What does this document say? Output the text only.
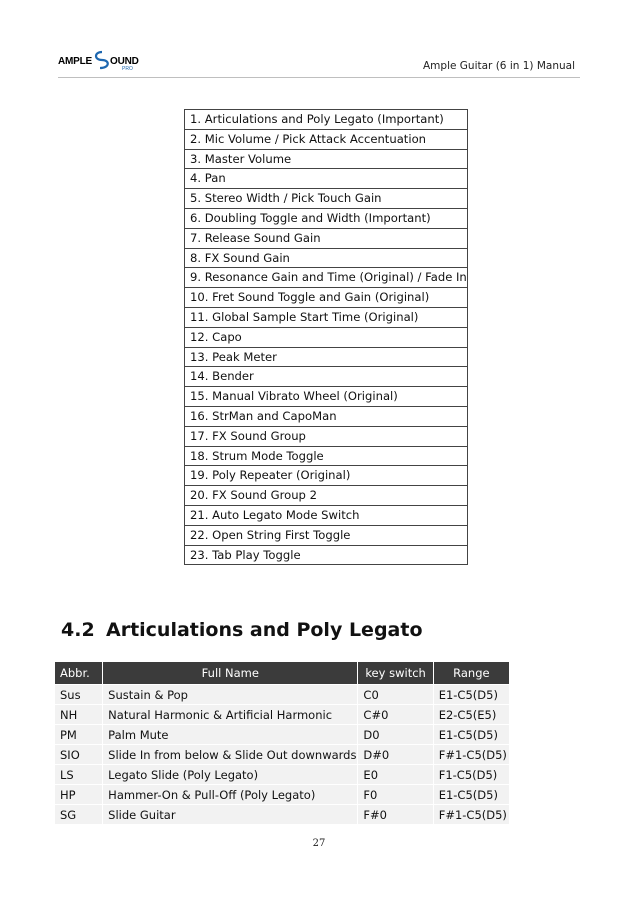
AMPLE OUND
PRO	Ample Guitar (6 in 1) Manual
1. Articulations and Poly Legato (Important)
2. Mic Volume / Pick Attack Accentuation
3. Master Volume
4. Pan
5. Stereo Width / Pick Touch Gain
6. Doubling Toggle and Width (Important)
7. Release Sound Gain
8. FX Sound Gain
9. Resonance Gain and Time (Original) / Fade In
10. Fret Sound Toggle and Gain (Original)
11. Global Sample Start Time (Original)
12. Capo
13. Peak Meter
14. Bender
15. Manual Vibrato Wheel (Original)
16. StrMan and CapoMan
17. FX Sound Group
18. Strum Mode Toggle
19. Poly Repeater (Original)
20. FX Sound Group 2
21. Auto Legato Mode Switch
22. Open String First Toggle
23. Tab Play Toggle
4.2 Articulations and Poly Legato
Abbr.	Full Name	key switch	Range
Sus	Sustain & Pop	C0	E1-C5(D5)
NH	Natural Harmonic & Artificial Harmonic	C#0	E2-C5(E5)
PM	Palm Mute	D0	E1-C5(D5)
SIO	Slide In from below & Slide Out downwards	D#0	F#1-C5(D5)
LS	Legato Slide (Poly Legato)	E0	F1-C5(D5)
HP	Hammer-On & Pull-Off (Poly Legato)	F0	E1-C5(D5)
SG	Slide Guitar	F#0	F#1-C5(D5)
27
